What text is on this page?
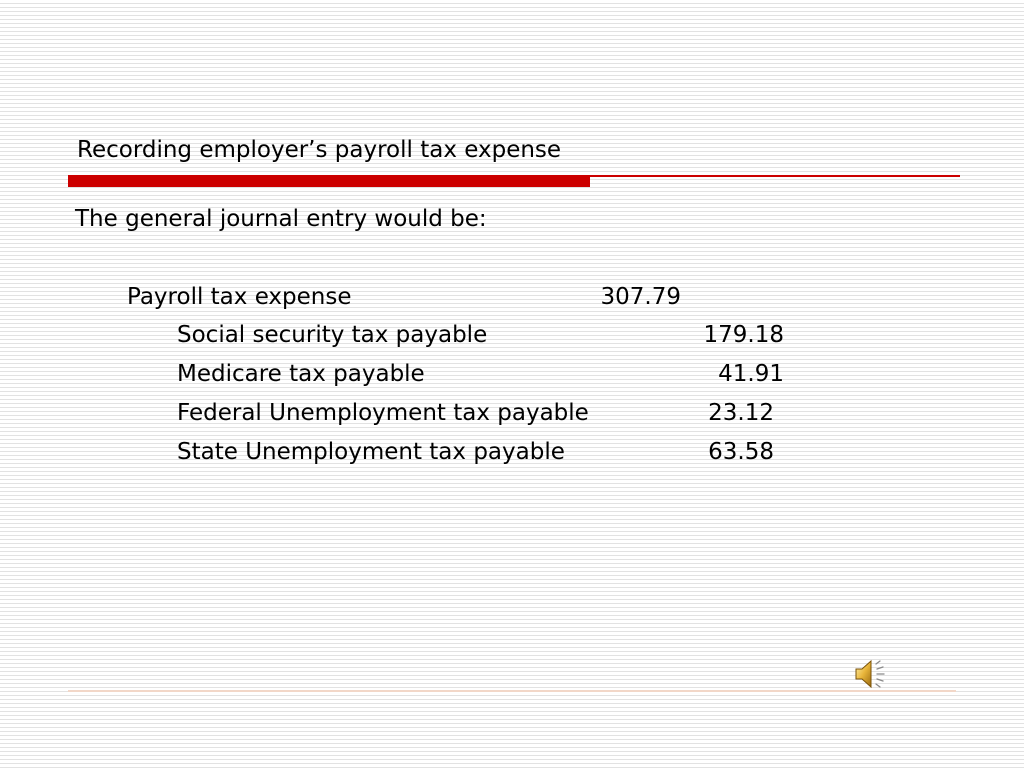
Recording employer’s payroll tax expense
The general journal entry would be:
Payroll tax expense	307.79
Social security tax payable	179.18
Medicare tax payable	41.91
Federal Unemployment tax payable	23.12
State Unemployment tax payable	63.58
